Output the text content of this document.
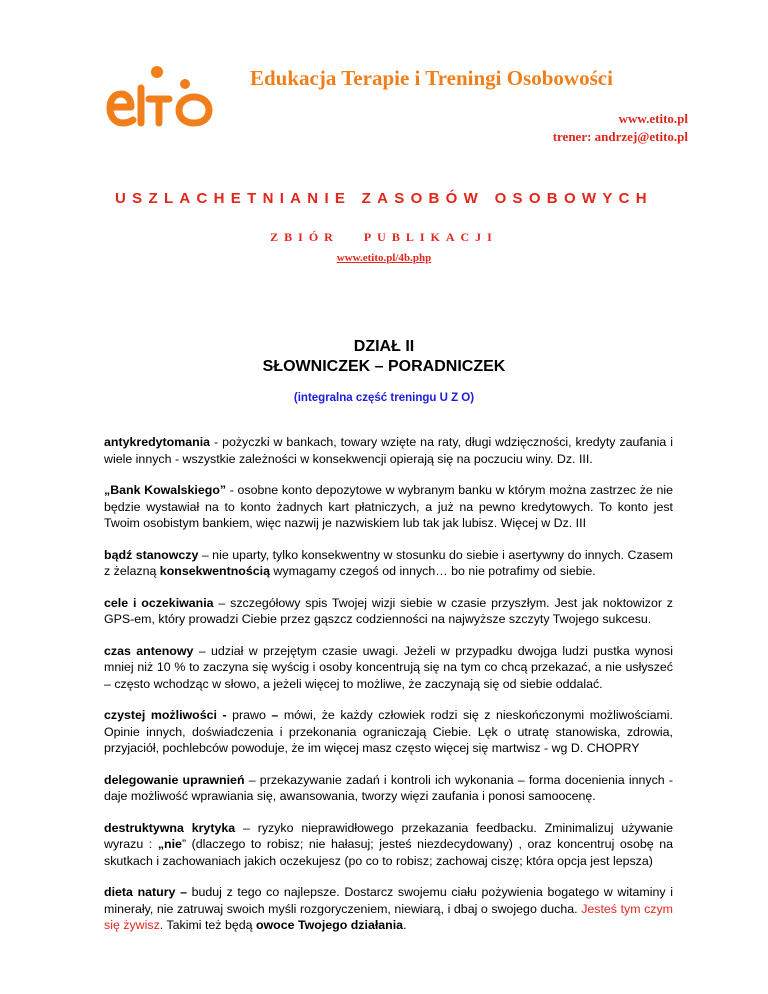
Edukacja Terapie i Treningi Osobowości
www.etito.pl
trener: andrzej@etito.pl
USZLACHETNIANIE ZASOBÓW OSOBOWYCH
ZBIÓR PUBLIKACJI
www.etito.pl/4b.php
DZIAŁ II
SŁOWNICZEK – PORADNICZEK
(integralna część treningu U Z O)

antykredytomania - pożyczki w bankach, towary wzięte na raty, długi wdzięczności, kredyty zaufania i wiele innych - wszystkie zależności w konsekwencji opierają się na poczuciu winy. Dz. III.

„Bank Kowalskiego” - osobne konto depozytowe w wybranym banku w którym można zastrzec że nie będzie wystawiał na to konto żadnych kart płatniczych, a już na pewno kredytowych. To konto jest Twoim osobistym bankiem, więc nazwij je nazwiskiem lub tak jak lubisz. Więcej w Dz. III

bądź stanowczy – nie uparty, tylko konsekwentny w stosunku do siebie i asertywny do innych. Czasem z żelazną konsekwentnością wymagamy czegoś od innych… bo nie potrafimy od siebie.

cele i oczekiwania – szczegółowy spis Twojej wizji siebie w czasie przyszłym. Jest jak noktowizor z GPS-em, który prowadzi Ciebie przez gąszcz codzienności na najwyższe szczyty Twojego sukcesu.

czas antenowy – udział w przejętym czasie uwagi. Jeżeli w przypadku dwojga ludzi pustka wynosi mniej niż 10 % to zaczyna się wyścig i osoby koncentrują się na tym co chcą przekazać, a nie usłyszeć – często wchodząc w słowo, a jeżeli więcej to możliwe, że zaczynają się od siebie oddalać.

czystej możliwości - prawo – mówi, że każdy człowiek rodzi się z nieskończonymi możliwościami. Opinie innych, doświadczenia i przekonania ograniczają Ciebie. Lęk o utratę stanowiska, zdrowia, przyjaciół, pochlebców powoduje, że im więcej masz często więcej się martwisz - wg D. CHOPRY

delegowanie uprawnień – przekazywanie zadań i kontroli ich wykonania – forma docenienia innych - daje możliwość wprawiania się, awansowania, tworzy więzi zaufania i ponosi samoocenę.

destruktywna krytyka – ryzyko nieprawidłowego przekazania feedbacku. Zminimalizuj używanie wyrazu : „nie” (dlaczego to robisz; nie hałasuj; jesteś niezdecydowany) , oraz koncentruj osobę na skutkach i zachowaniach jakich oczekujesz (po co to robisz; zachowaj ciszę; która opcja jest lepsza)

dieta natury – buduj z tego co najlepsze. Dostarcz swojemu ciału pożywienia bogatego w witaminy i minerały, nie zatruwaj swoich myśli rozgoryczeniem, niewiarą, i dbaj o swojego ducha. Jesteś tym czym się żywisz. Takimi też będą owoce Twojego działania.
